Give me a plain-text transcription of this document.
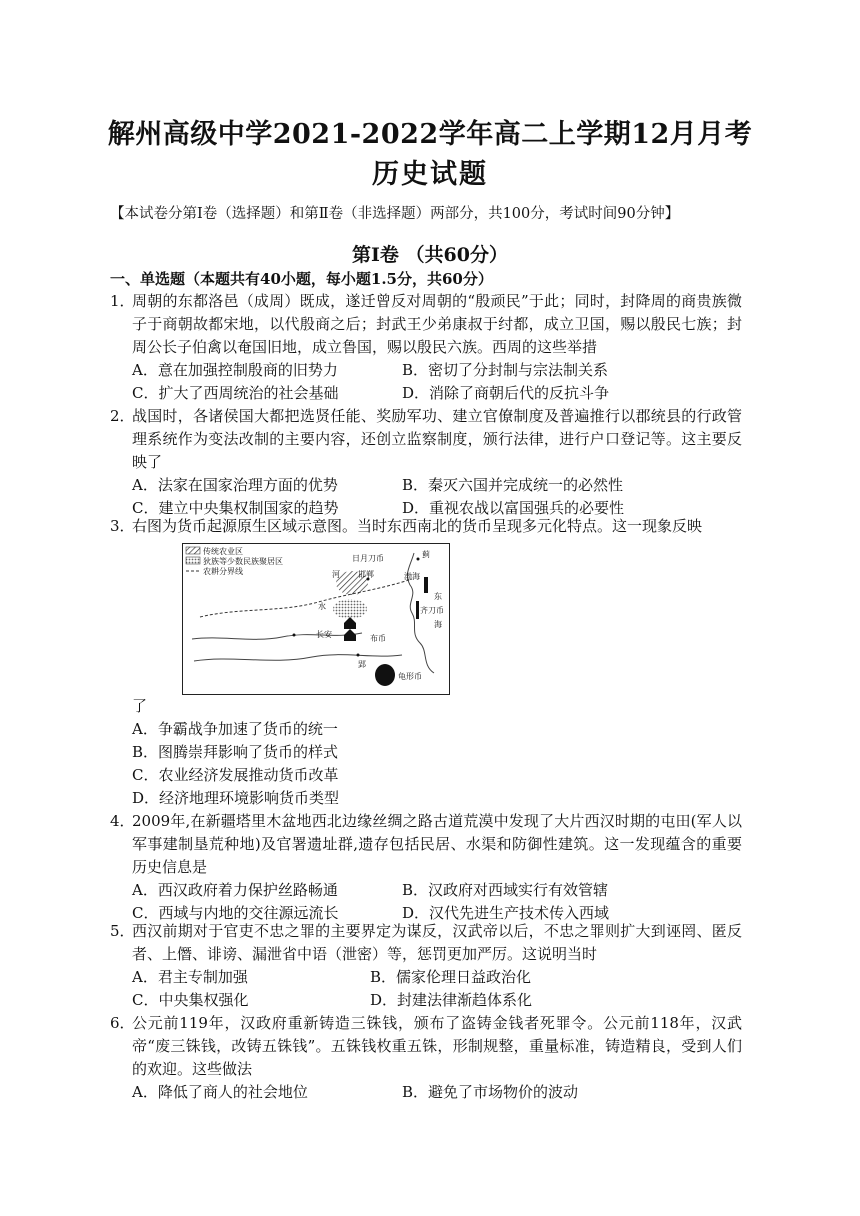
解州高级中学2021-2022学年高二上学期12月月考
历史试题
【本试卷分第Ⅰ卷（选择题）和第Ⅱ卷（非选择题）两部分，共100分，考试时间90分钟】
第Ⅰ卷 （共60分）
一、单选题（本题共有40小题，每小题1.5分，共60分）
1．
周朝的东都洛邑（成周）既成，遂迁曾反对周朝的“殷顽民”于此；同时，封降周的商贵族微子于商朝故都宋地，以代殷商之后；封武王少弟康叔于纣都，成立卫国，赐以殷民七族；封周公长子伯禽以奄国旧地，成立鲁国，赐以殷民六族。西周的这些举措
A．意在加强控制殷商的旧势力	B．密切了分封制与宗法制关系
C．扩大了西周统治的社会基础	D．消除了商朝后代的反抗斗争
2．
战国时，各诸侯国大都把选贤任能、奖励军功、建立官僚制度及普遍推行以郡统县的行政管理系统作为变法改制的主要内容，还创立监察制度，颁行法律，进行户口登记等。这主要反映了
A．法家在国家治理方面的优势	B．秦灭六国并完成统一的必然性
C．建立中央集权制国家的趋势	D．重视农战以富国强兵的必要性
3．
右图为货币起源原生区域示意图。当时东西南北的货币呈现多元化特点。这一现象反映
传统农业区
狄族等少数民族聚居区
农耕分界线
日月刀币	蓟
邯郸	渤海
河
东
齐刀币
海
水
长安	布币
郢
龟形币
了
A．争霸战争加速了货币的统一
B．图腾崇拜影响了货币的样式
C．农业经济发展推动货币改革
D．经济地理环境影响货币类型
4．
2009年,在新疆塔里木盆地西北边缘丝绸之路古道荒漠中发现了大片西汉时期的屯田(军人以军事建制垦荒种地)及官署遗址群,遗存包括民居、水渠和防御性建筑。这一发现蕴含的重要历史信息是
A．西汉政府着力保护丝路畅通	B．汉政府对西域实行有效管辖
C．西域与内地的交往源远流长	D．汉代先进生产技术传入西域
5．
西汉前期对于官吏不忠之罪的主要界定为谋反，汉武帝以后，不忠之罪则扩大到诬罔、匿反者、上僭、诽谤、漏泄省中语（泄密）等，惩罚更加严厉。这说明当时
A．君主专制加强	B．儒家伦理日益政治化
C．中央集权强化	D．封建法律渐趋体系化
6．
公元前119年，汉政府重新铸造三铢钱，颁布了盗铸金钱者死罪令。公元前118年，汉武帝“废三铢钱，改铸五铢钱”。五铢钱枚重五铢，形制规整，重量标准，铸造精良，受到人们的欢迎。这些做法
A．降低了商人的社会地位	B．避免了市场物价的波动
